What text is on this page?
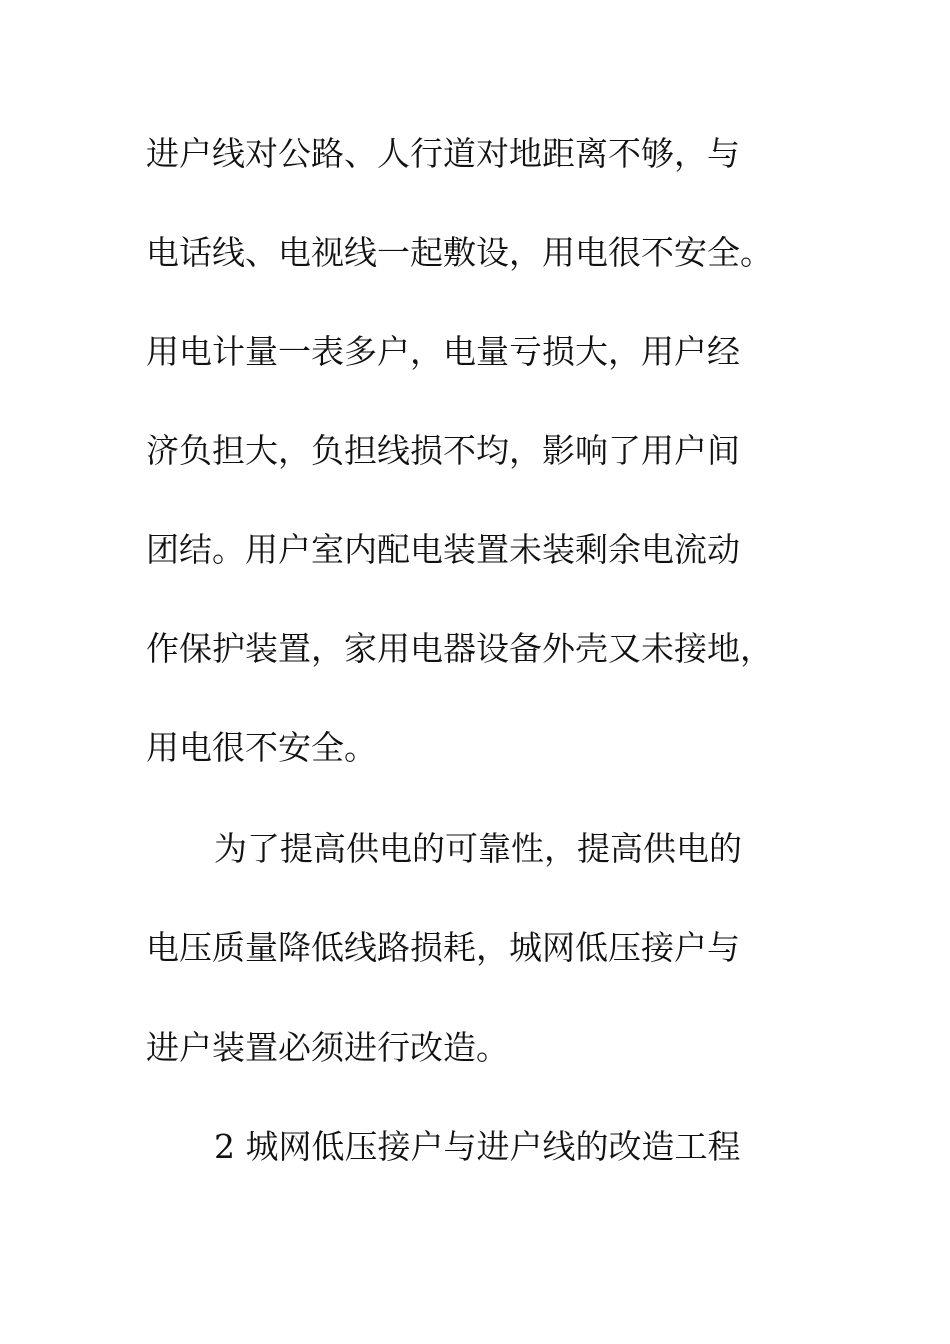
进户线对公路、人行道对地距离不够，与
电话线、电视线一起敷设，用电很不安全。
用电计量一表多户，电量亏损大，用户经
济负担大，负担线损不均，影响了用户间
团结。用户室内配电装置未装剩余电流动
作保护装置，家用电器设备外壳又未接地，
用电很不安全。
为了提高供电的可靠性，提高供电的
电压质量降低线路损耗，城网低压接户与
进户装置必须进行改造。
2 城网低压接户与进户线的改造工程
